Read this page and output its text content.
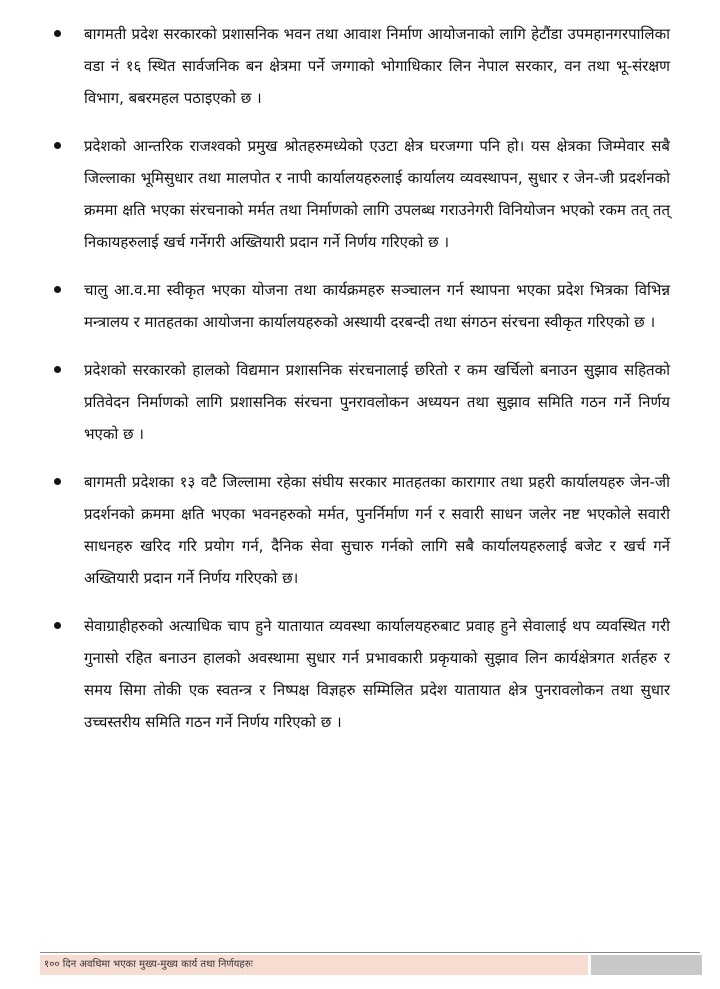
बागमती प्रदेश सरकारको प्रशासनिक भवन तथा आवाश निर्माण आयोजनाको लागि हेटौंडा उपमहानगरपालिका वडा नं १६ स्थित सार्वजनिक बन क्षेत्रमा पर्ने जग्गाको भोगाधिकार लिन नेपाल सरकार, वन तथा भू-संरक्षण विभाग, बबरमहल पठाइएको छ ।
प्रदेशको आन्तरिक राजश्वको प्रमुख श्रोतहरुमध्येको एउटा क्षेत्र घरजग्गा पनि हो। यस क्षेत्रका जिम्मेवार सबै जिल्लाका भूमिसुधार तथा मालपोत र नापी कार्यालयहरुलाई कार्यालय व्यवस्थापन, सुधार र जेन-जी प्रदर्शनको क्रममा क्षति भएका संरचनाको मर्मत तथा निर्माणको लागि उपलब्ध गराउनेगरी विनियोजन भएको रकम तत् तत् निकायहरुलाई खर्च गर्नेगरी अख्तियारी प्रदान गर्ने निर्णय गरिएको छ ।
चालु आ.व.मा स्वीकृत भएका योजना तथा कार्यक्रमहरु सञ्चालन गर्न स्थापना भएका प्रदेश भित्रका विभिन्न मन्त्रालय र मातहतका आयोजना कार्यालयहरुको अस्थायी दरबन्दी तथा संगठन संरचना स्वीकृत गरिएको छ ।
प्रदेशको सरकारको हालको विद्यमान प्रशासनिक संरचनालाई छरितो र कम खर्चिलो बनाउन सुझाव सहितको प्रतिवेदन निर्माणको लागि प्रशासनिक संरचना पुनरावलोकन अध्ययन तथा सुझाव समिति गठन गर्ने निर्णय भएको छ ।
बागमती प्रदेशका १३ वटै जिल्लामा रहेका संघीय सरकार मातहतका कारागार तथा प्रहरी कार्यालयहरु जेन-जी प्रदर्शनको क्रममा क्षति भएका भवनहरुको मर्मत, पुनर्निर्माण गर्न र सवारी साधन जलेर नष्ट भएकोले सवारी साधनहरु खरिद गरि प्रयोग गर्न, दैनिक सेवा सुचारु गर्नको लागि सबै कार्यालयहरुलाई बजेट र खर्च गर्ने अख्तियारी प्रदान गर्ने निर्णय गरिएको छ।
सेवाग्राहीहरुको अत्याधिक चाप हुने यातायात व्यवस्था कार्यालयहरुबाट प्रवाह हुने सेवालाई थप व्यवस्थित गरी गुनासो रहित बनाउन हालको अवस्थामा सुधार गर्न प्रभावकारी प्रकृयाको सुझाव लिन कार्यक्षेत्रगत शर्तहरु र समय सिमा तोकी एक स्वतन्त्र र निष्पक्ष विज्ञहरु सम्मिलित प्रदेश यातायात क्षेत्र पुनरावलोकन तथा सुधार उच्चस्तरीय समिति गठन गर्ने निर्णय गरिएको छ ।
१०० दिन अवधिमा भएका मुख्य-मुख्य कार्य तथा निर्णयहरुः
